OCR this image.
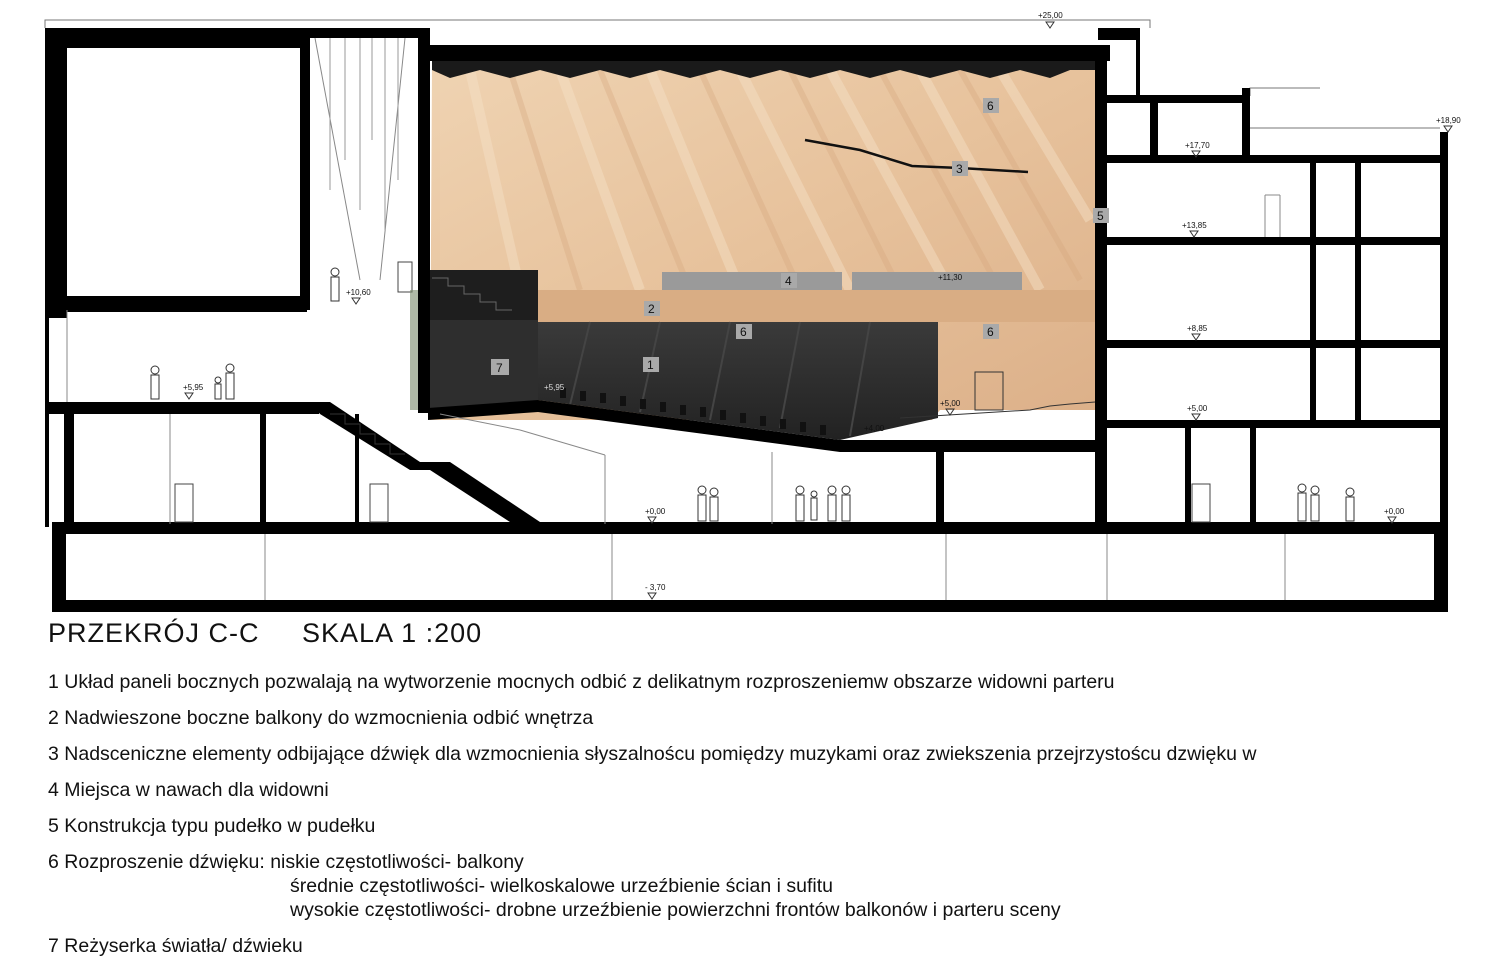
+25,00
+18,90
+17,70
+13,85
+11,30
+10,60
+8,85
+5,95	+5,95
+5,00
+5,00
+4,00
+0,00	+0,00
- 3,70
6
3
5
4
2
6	6
1
7
PRZEKRÓJ C-C SKALA 1 :200
1 Układ paneli bocznych pozwalają na wytworzenie mocnych odbić z delikatnym rozproszeniemw obszarze widowni parteru
2 Nadwieszone boczne balkony do wzmocnienia odbić wnętrza
3 Nadsceniczne elementy odbijające dźwięk dla wzmocnienia słyszalnoścu pomiędzy muzykami oraz zwiekszenia przejrzystoścu dzwięku w
4 Miejsca w nawach dla widowni
5 Konstrukcja typu pudełko w pudełku
6 Rozproszenie dźwięku: niskie częstotliwości- balkony
średnie częstotliwości- wielkoskalowe urzeźbienie ścian i sufitu
wysokie częstotliwości- drobne urzeźbienie powierzchni frontów balkonów i parteru sceny
7 Reżyserka światła/ dźwieku
